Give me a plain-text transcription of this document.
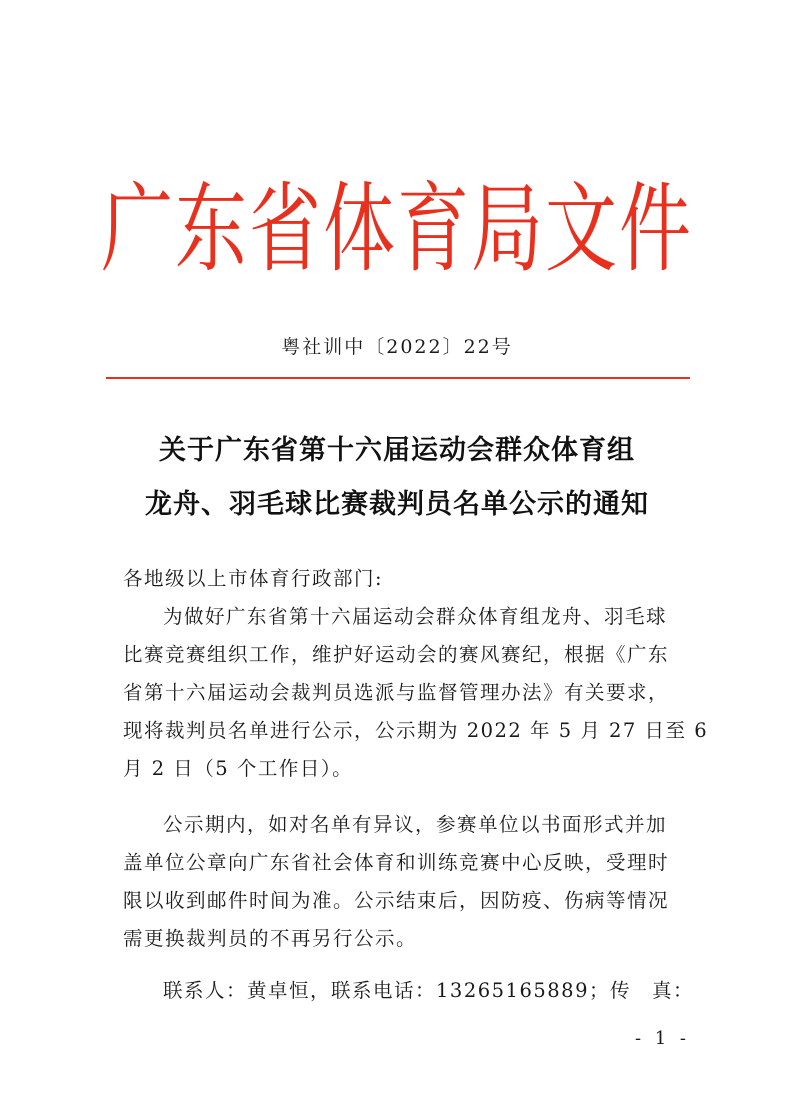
广东省体育局文件
粤社训中〔2022〕22号
关于广东省第十六届运动会群众体育组
龙舟、羽毛球比赛裁判员名单公示的通知
各地级以上市体育行政部门:
为做好广东省第十六届运动会群众体育组龙舟、羽毛球
比赛竞赛组织工作，维护好运动会的赛风赛纪，根据《广东
省第十六届运动会裁判员选派与监督管理办法》有关要求，
现将裁判员名单进行公示，公示期为 2022 年 5 月 27 日至 6
月 2 日（5 个工作日）。
公示期内，如对名单有异议，参赛单位以书面形式并加
盖单位公章向广东省社会体育和训练竞赛中心反映，受理时
限以收到邮件时间为准。公示结束后，因防疫、伤病等情况
需更换裁判员的不再另行公示。
联系人：黄卓恒，联系电话：13265165889；传　真：
- 1 -
